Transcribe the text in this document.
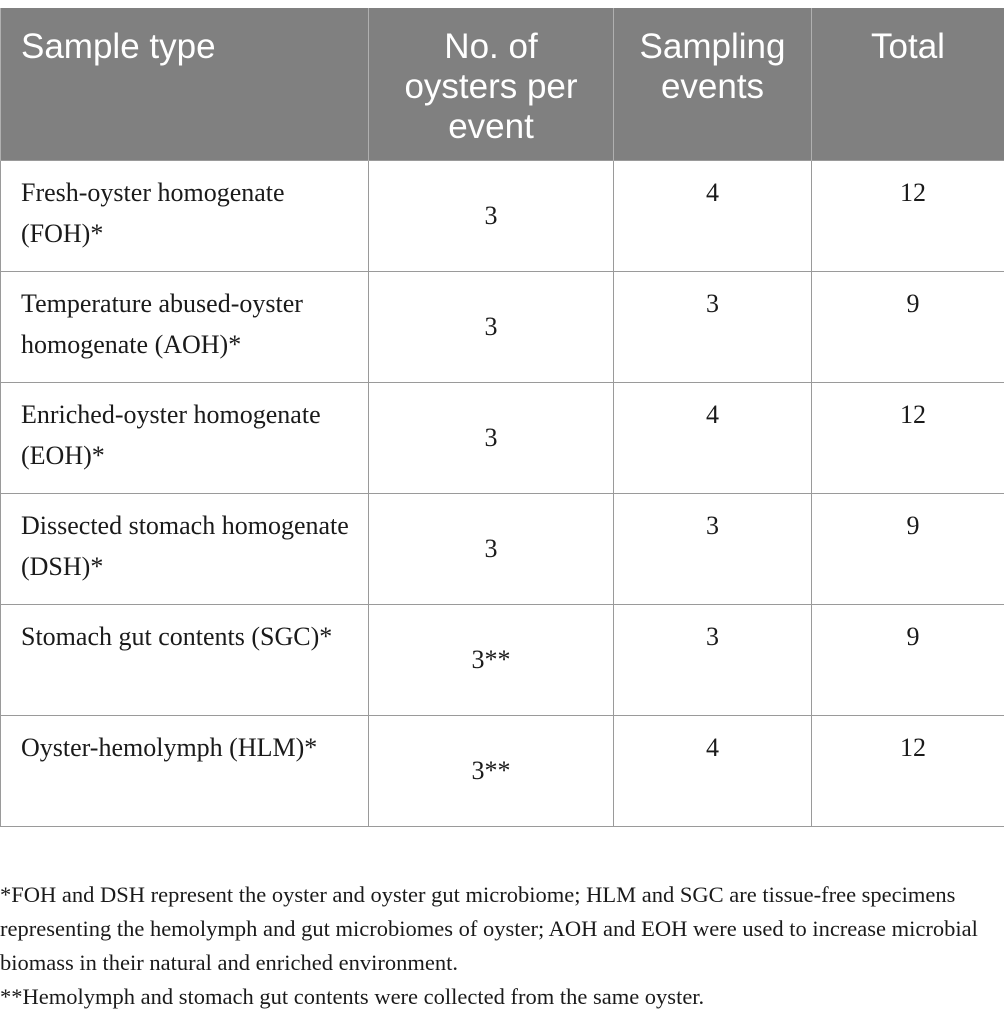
Sample type	No. of oysters per event	Sampling events	Total
Fresh-oyster homogenate (FOH)*	3	4	12
Temperature abused-oyster homogenate (AOH)*	3	3	9
Enriched-oyster homogenate (EOH)*	3	4	12
Dissected stomach homogenate (DSH)*	3	3	9
Stomach gut contents (SGC)*	3**	3	9
Oyster-hemolymph (HLM)*	3**	4	12

*FOH and DSH represent the oyster and oyster gut microbiome; HLM and SGC are tissue-free specimens representing the hemolymph and gut microbiomes of oyster; AOH and EOH were used to increase microbial biomass in their natural and enriched environment.

**Hemolymph and stomach gut contents were collected from the same oyster.
